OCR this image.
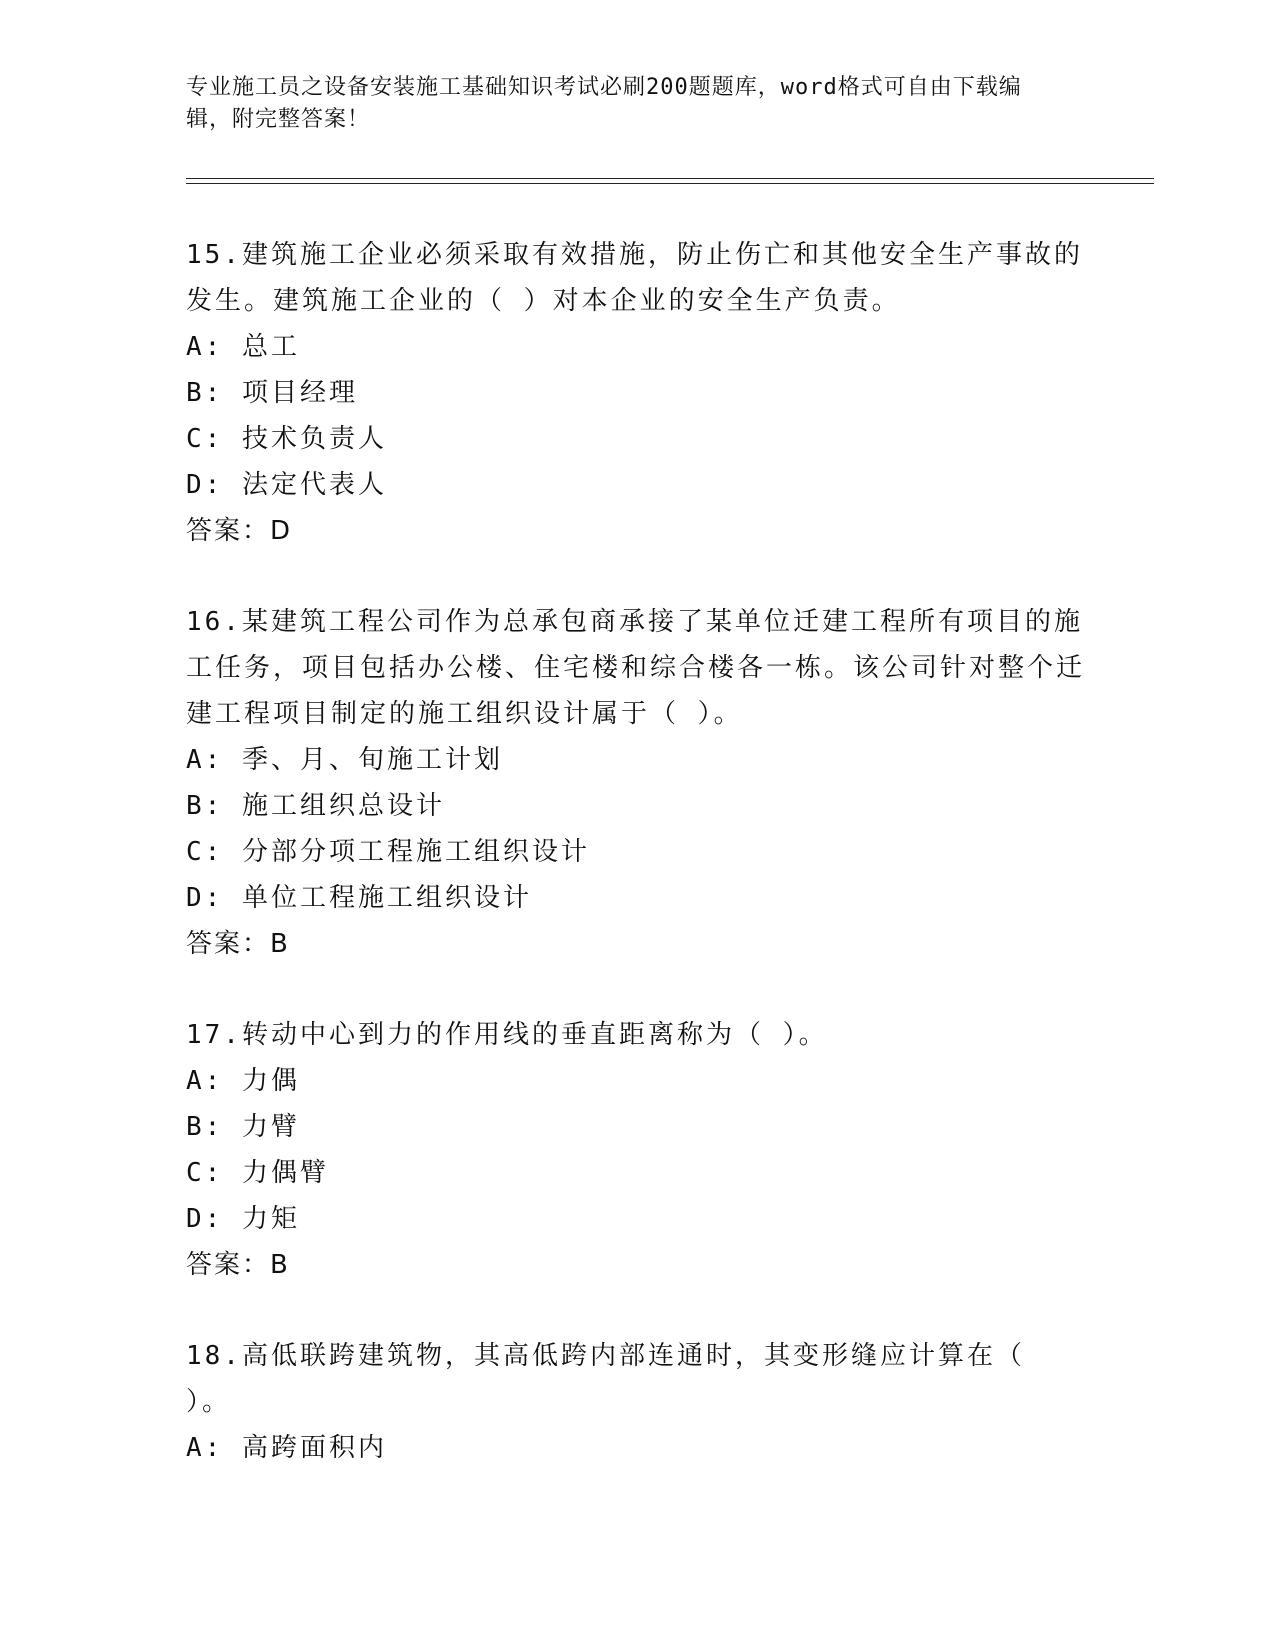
专业施工员之设备安装施工基础知识考试必刷200题题库，word格式可自由下载编辑，附完整答案！
15.建筑施工企业必须采取有效措施，防止伤亡和其他安全生产事故的发生。建筑施工企业的（ ）对本企业的安全生产负责。
A: 总工
B: 项目经理
C: 技术负责人
D: 法定代表人
答案：D
16.某建筑工程公司作为总承包商承接了某单位迁建工程所有项目的施工任务，项目包括办公楼、住宅楼和综合楼各一栋。该公司针对整个迁建工程项目制定的施工组织设计属于（ ）。
A: 季、月、旬施工计划
B: 施工组织总设计
C: 分部分项工程施工组织设计
D: 单位工程施工组织设计
答案：B
17.转动中心到力的作用线的垂直距离称为（ ）。
A: 力偶
B: 力臂
C: 力偶臂
D: 力矩
答案：B
18.高低联跨建筑物，其高低跨内部连通时，其变形缝应计算在（ ）。
A: 高跨面积内
